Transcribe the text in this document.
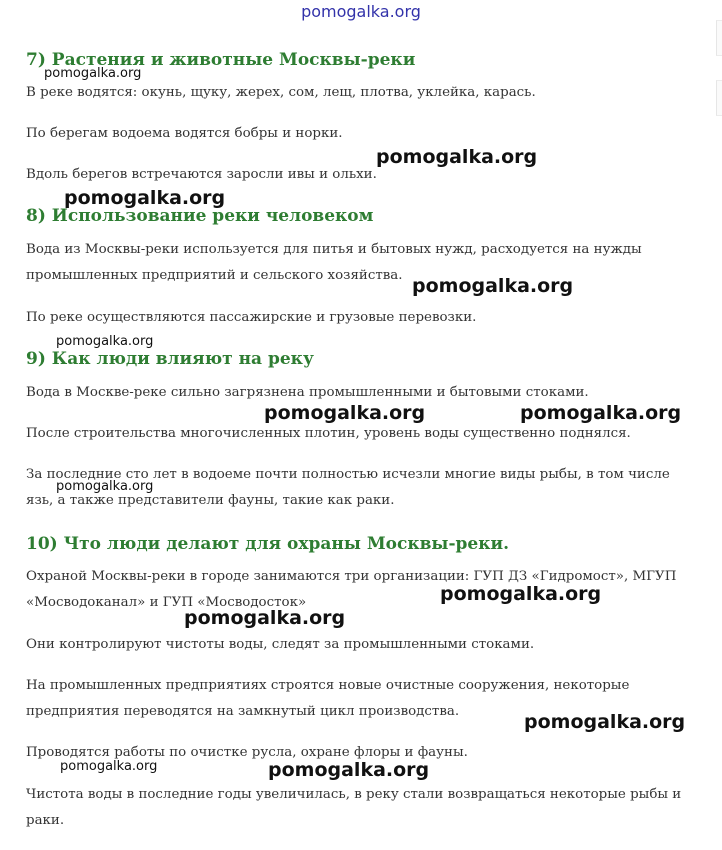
pomogalka.org
7) Растения и животные Москвы-реки

В реке водятся: окунь, щуку, жерех, сом, лещ, плотва, уклейка, карась.

По берегам водоема водятся бобры и норки.

Вдоль берегов встречаются заросли ивы и ольхи.

8) Использование реки человеком

Вода из Москвы-реки используется для питья и бытовых нужд, расходуется на нужды промышленных предприятий и сельского хозяйства.

По реке осуществляются пассажирские и грузовые перевозки.

9) Как люди влияют на реку

Вода в Москве-реке сильно загрязнена промышленными и бытовыми стоками.

После строительства многочисленных плотин, уровень воды существенно поднялся.

За последние сто лет в водоеме почти полностью исчезли многие виды рыбы, в том числе язь, а также представители фауны, такие как раки.

10) Что люди делают для охраны Москвы-реки.

Охраной Москвы-реки в городе занимаются три организации: ГУП ДЗ «Гидромост», МГУП «Мосводоканал» и ГУП «Мосводосток»

Они контролируют чистоты воды, следят за промышленными стоками.

На промышленных предприятиях строятся новые очистные сооружения, некоторые предприятия переводятся на замкнутый цикл производства.

Проводятся работы по очистке русла, охране флоры и фауны.

Чистота воды в последние годы увеличилась, в реку стали возвращаться некоторые рыбы и раки.

pomogalka.org
pomogalka.org
pomogalka.org
pomogalka.org
pomogalka.org
pomogalka.org	pomogalka.org
pomogalka.org
pomogalka.org
pomogalka.org
pomogalka.org
pomogalka.org	pomogalka.org
